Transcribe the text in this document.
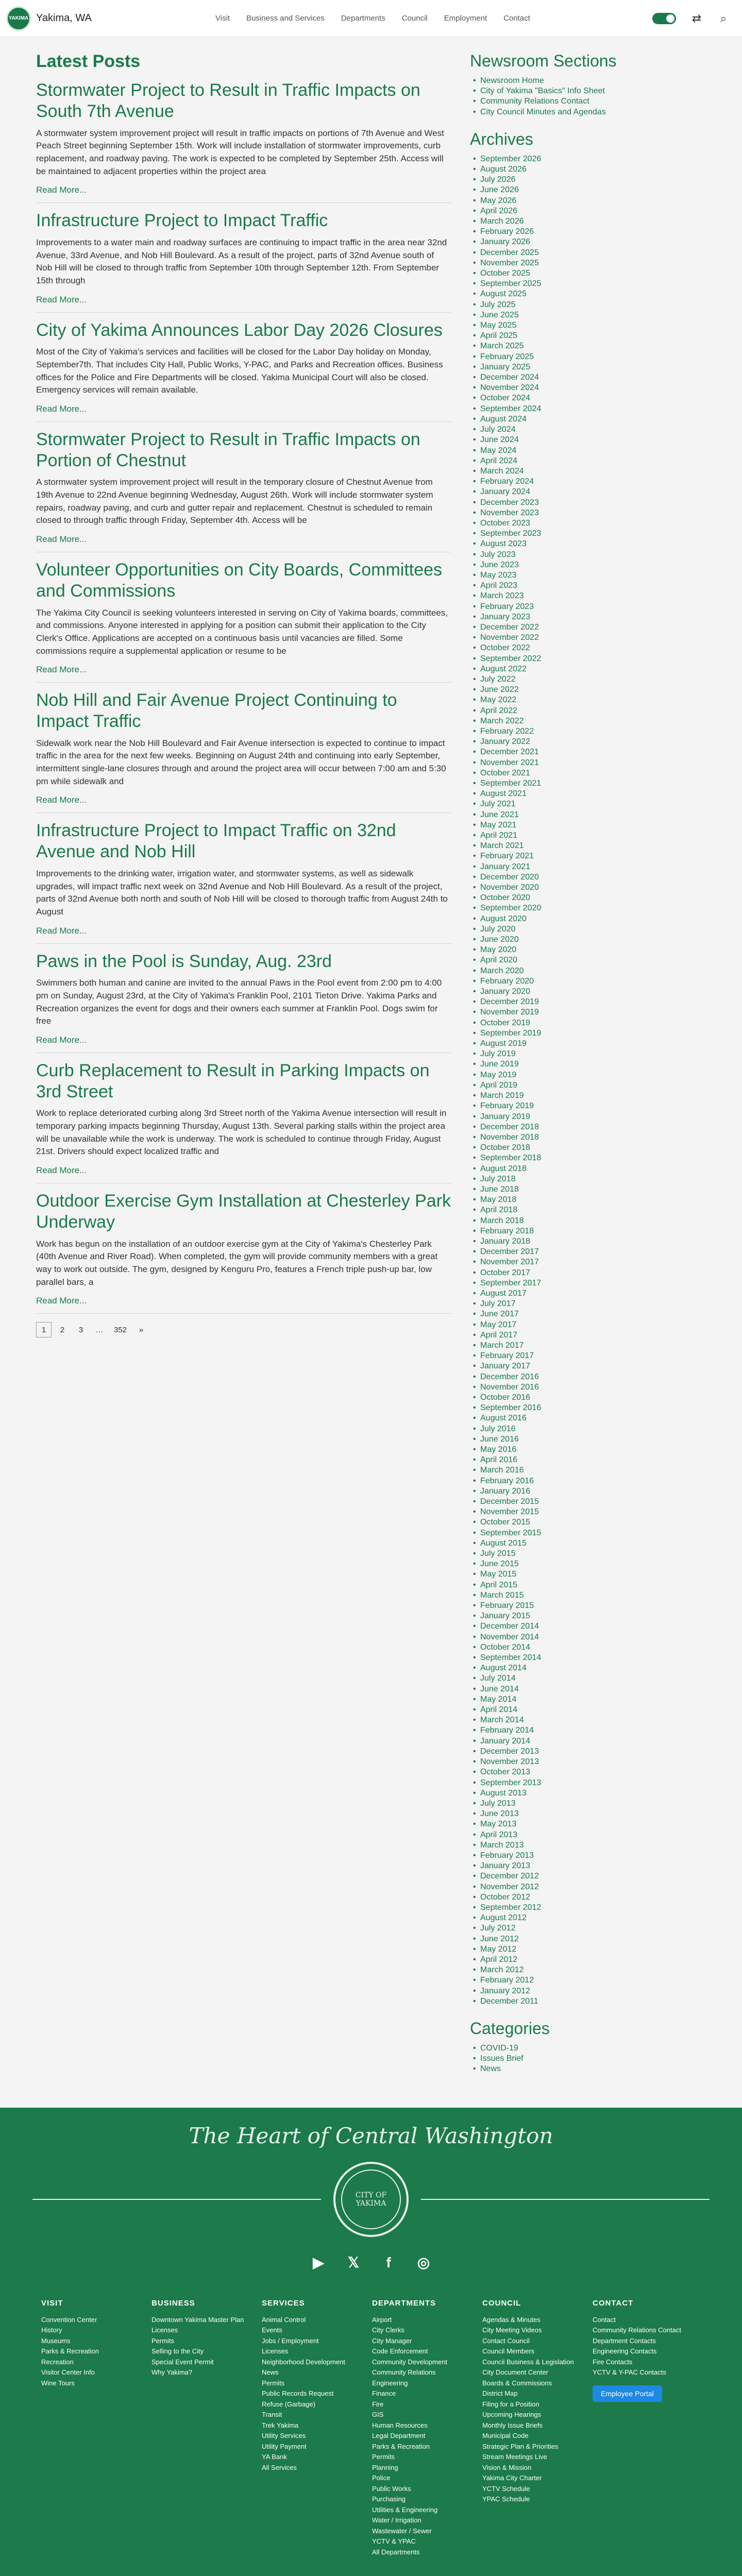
YAKIMA Yakima, WA	Visit	Business and Services	Departments	Council	Employment	Contact	⇄ ⌕
Latest Posts
Stormwater Project to Result in Traffic Impacts on South 7th Avenue

A stormwater system improvement project will result in traffic impacts on portions of 7th Avenue and West Peach Street beginning September 15th. Work will include installation of stormwater improvements, curb replacement, and roadway paving. The work is expected to be completed by September 25th. Access will be maintained to adjacent properties within the project area

Read More...
Infrastructure Project to Impact Traffic

Improvements to a water main and roadway surfaces are continuing to impact traffic in the area near 32nd Avenue, 33rd Avenue, and Nob Hill Boulevard. As a result of the project, parts of 32nd Avenue south of Nob Hill will be closed to through traffic from September 10th through September 12th. From September 15th through

Read More...
City of Yakima Announces Labor Day 2026 Closures

Most of the City of Yakima's services and facilities will be closed for the Labor Day holiday on Monday, September7th. That includes City Hall, Public Works, Y-PAC, and Parks and Recreation offices. Business offices for the Police and Fire Departments will be closed. Yakima Municipal Court will also be closed. Emergency services will remain available.

Read More...
Stormwater Project to Result in Traffic Impacts on Portion of Chestnut

A stormwater system improvement project will result in the temporary closure of Chestnut Avenue from 19th Avenue to 22nd Avenue beginning Wednesday, August 26th. Work will include stormwater system repairs, roadway paving, and curb and gutter repair and replacement. Chestnut is scheduled to remain closed to through traffic through Friday, September 4th. Access will be

Read More...
Volunteer Opportunities on City Boards, Committees and Commissions

The Yakima City Council is seeking volunteers interested in serving on City of Yakima boards, committees, and commissions. Anyone interested in applying for a position can submit their application to the City Clerk's Office. Applications are accepted on a continuous basis until vacancies are filled. Some commissions require a supplemental application or resume to be

Read More...
Nob Hill and Fair Avenue Project Continuing to Impact Traffic

Sidewalk work near the Nob Hill Boulevard and Fair Avenue intersection is expected to continue to impact traffic in the area for the next few weeks. Beginning on August 24th and continuing into early September, intermittent single-lane closures through and around the project area will occur between 7:00 am and 5:30 pm while sidewalk and

Read More...
Infrastructure Project to Impact Traffic on 32nd Avenue and Nob Hill

Improvements to the drinking water, irrigation water, and stormwater systems, as well as sidewalk upgrades, will impact traffic next week on 32nd Avenue and Nob Hill Boulevard. As a result of the project, parts of 32nd Avenue both north and south of Nob Hill will be closed to thorough traffic from August 24th to August

Read More...
Paws in the Pool is Sunday, Aug. 23rd

Swimmers both human and canine are invited to the annual Paws in the Pool event from 2:00 pm to 4:00 pm on Sunday, August 23rd, at the City of Yakima's Franklin Pool, 2101 Tieton Drive. Yakima Parks and Recreation organizes the event for dogs and their owners each summer at Franklin Pool. Dogs swim for free

Read More...
Curb Replacement to Result in Parking Impacts on 3rd Street

Work to replace deteriorated curbing along 3rd Street north of the Yakima Avenue intersection will result in temporary parking impacts beginning Thursday, August 13th. Several parking stalls within the project area will be unavailable while the work is underway. The work is scheduled to continue through Friday, August 21st. Drivers should expect localized traffic and

Read More...
Outdoor Exercise Gym Installation at Chesterley Park Underway

Work has begun on the installation of an outdoor exercise gym at the City of Yakima's Chesterley Park (40th Avenue and River Road). When completed, the gym will provide community members with a great way to work out outside. The gym, designed by Kenguru Pro, features a French triple push-up bar, low parallel bars, a

Read More...
1	2	3	…	352	»
Newsroom Sections
• Newsroom Home
• City of Yakima "Basics" Info Sheet
• Community Relations Contact
• City Council Minutes and Agendas
Archives
• September 2026
• August 2026
• July 2026
• June 2026
• May 2026
• April 2026
• March 2026
• February 2026
• January 2026
• December 2025
• November 2025
• October 2025
• September 2025
• August 2025
• July 2025
• June 2025
• May 2025
• April 2025
• March 2025
• February 2025
• January 2025
• December 2024
• November 2024
• October 2024
• September 2024
• August 2024
• July 2024
• June 2024
• May 2024
• April 2024
• March 2024
• February 2024
• January 2024
• December 2023
• November 2023
• October 2023
• September 2023
• August 2023
• July 2023
• June 2023
• May 2023
• April 2023
• March 2023
• February 2023
• January 2023
• December 2022
• November 2022
• October 2022
• September 2022
• August 2022
• July 2022
• June 2022
• May 2022
• April 2022
• March 2022
• February 2022
• January 2022
• December 2021
• November 2021
• October 2021
• September 2021
• August 2021
• July 2021
• June 2021
• May 2021
• April 2021
• March 2021
• February 2021
• January 2021
• December 2020
• November 2020
• October 2020
• September 2020
• August 2020
• July 2020
• June 2020
• May 2020
• April 2020
• March 2020
• February 2020
• January 2020
• December 2019
• November 2019
• October 2019
• September 2019
• August 2019
• July 2019
• June 2019
• May 2019
• April 2019
• March 2019
• February 2019
• January 2019
• December 2018
• November 2018
• October 2018
• September 2018
• August 2018
• July 2018
• June 2018
• May 2018
• April 2018
• March 2018
• February 2018
• January 2018
• December 2017
• November 2017
• October 2017
• September 2017
• August 2017
• July 2017
• June 2017
• May 2017
• April 2017
• March 2017
• February 2017
• January 2017
• December 2016
• November 2016
• October 2016
• September 2016
• August 2016
• July 2016
• June 2016
• May 2016
• April 2016
• March 2016
• February 2016
• January 2016
• December 2015
• November 2015
• October 2015
• September 2015
• August 2015
• July 2015
• June 2015
• May 2015
• April 2015
• March 2015
• February 2015
• January 2015
• December 2014
• November 2014
• October 2014
• September 2014
• August 2014
• July 2014
• June 2014
• May 2014
• April 2014
• March 2014
• February 2014
• January 2014
• December 2013
• November 2013
• October 2013
• September 2013
• August 2013
• July 2013
• June 2013
• May 2013
• April 2013
• March 2013
• February 2013
• January 2013
• December 2012
• November 2012
• October 2012
• September 2012
• August 2012
• July 2012
• June 2012
• May 2012
• April 2012
• March 2012
• February 2012
• January 2012
• December 2011
Categories
• COVID-19
• Issues Brief
• News
The Heart of Central Washington
CITY OF YAKIMA
▶	𝕏	f	◎
VISIT
Convention Center
History
Museums
Parks & Recreation
Recreation
Visitor Center Info
Wine Tours
BUSINESS
Downtown Yakima Master Plan
Licenses
Permits
Selling to the City
Special Event Permit
Why Yakima?
SERVICES
Animal Control
Events
Jobs / Employment
Licenses
Neighborhood Development
News
Permits
Public Records Request
Refuse (Garbage)
Transit
Trek Yakima
Utility Services
Utility Payment
YA Bank
All Services
DEPARTMENTS
Airport
City Clerks
City Manager
Code Enforcement
Community Development
Community Relations
Engineering
Finance
Fire
GIS
Human Resources
Legal Department
Parks & Recreation
Permits
Planning
Police
Public Works
Purchasing
Utilities & Engineering
Water / Irrigation
Wastewater / Sewer
YCTV & YPAC
All Departments
COUNCIL
Agendas & Minutes
City Meeting Videos
Contact Council
Council Members
Council Business & Legislation
City Document Center
Boards & Commissions
District Map
Filing for a Position
Upcoming Hearings
Monthly Issue Briefs
Municipal Code
Strategic Plan & Priorities
Stream Meetings Live
Vision & Mission
Yakima City Charter
YCTV Schedule
YPAC Schedule
CONTACT
Contact
Community Relations Contact
Department Contacts
Engineering Contacts
Fire Contacts
YCTV & Y-PAC Contacts
Employee Portal
